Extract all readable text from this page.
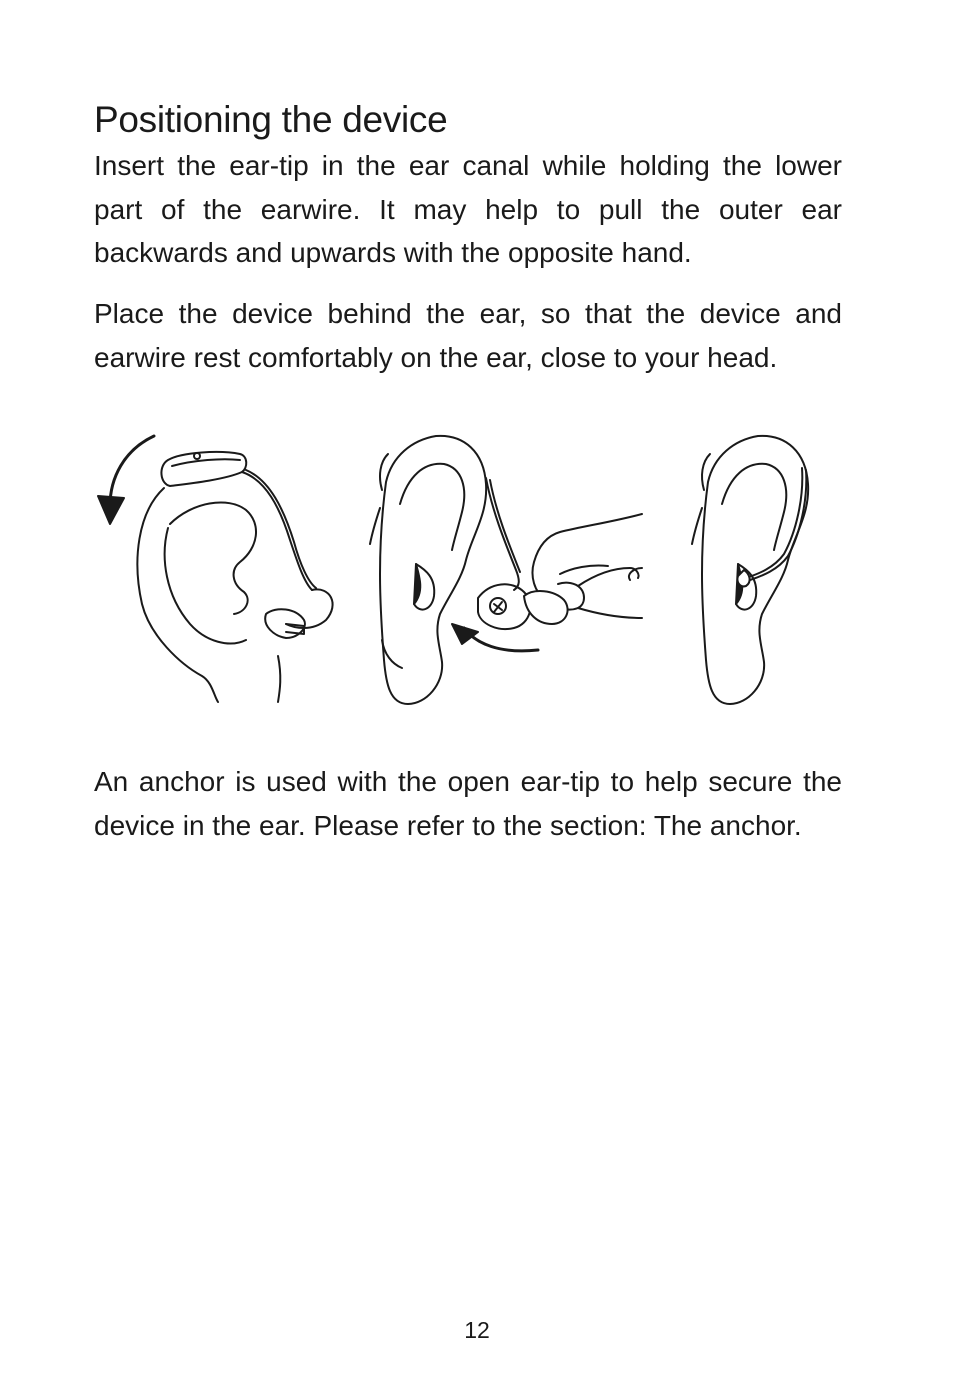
Positioning the device

Insert the ear-tip in the ear canal while holding the lower part of the earwire. It may help to pull the outer ear backwards and upwards with the opposite hand.

Place the device behind the ear, so that the device and earwire rest comfortably on the ear, close to your head.

An anchor is used with the open ear-tip to help secure the device in the ear. Please refer to the section: The anchor.

12
